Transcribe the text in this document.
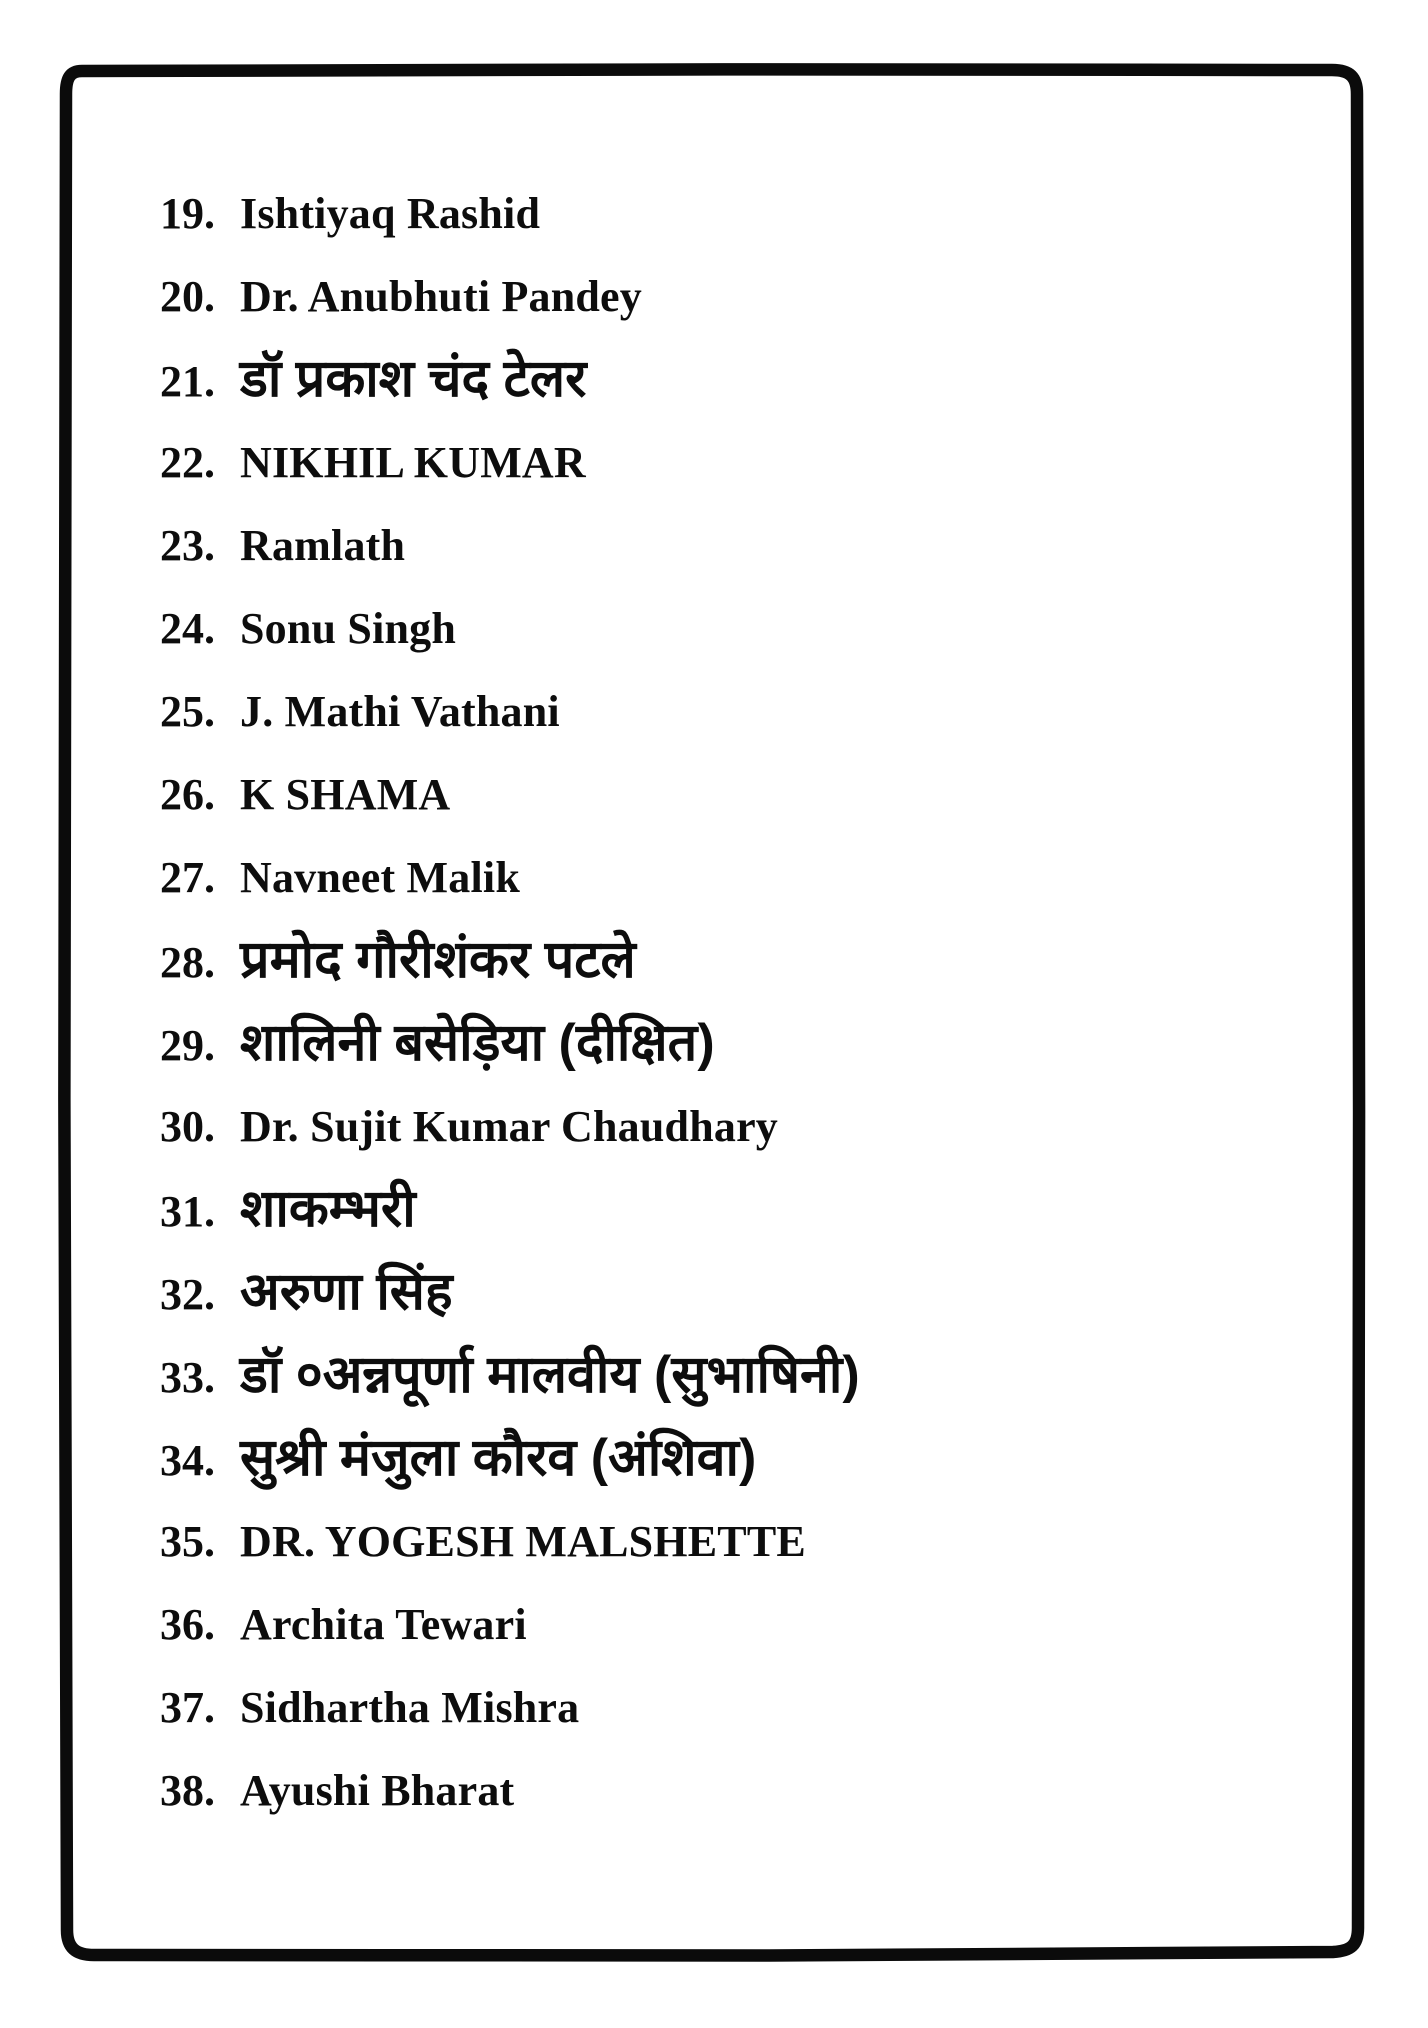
19. Ishtiyaq Rashid
20. Dr. Anubhuti Pandey
21. डॉ प्रकाश चंद टेलर
22. NIKHIL KUMAR
23. Ramlath
24. Sonu Singh
25. J. Mathi Vathani
26. K SHAMA
27. Navneet Malik
28. प्रमोद गौरीशंकर पटले
29. शालिनी बसेड़िया (दीक्षित)
30. Dr. Sujit Kumar Chaudhary
31. शाकम्भरी
32. अरुणा सिंह
33. डॉ ०अन्नपूर्णा मालवीय (सुभाषिनी)
34. सुश्री मंजुला कौरव (अंशिवा)
35. DR. YOGESH MALSHETTE
36. Archita Tewari
37. Sidhartha Mishra
38. Ayushi Bharat
